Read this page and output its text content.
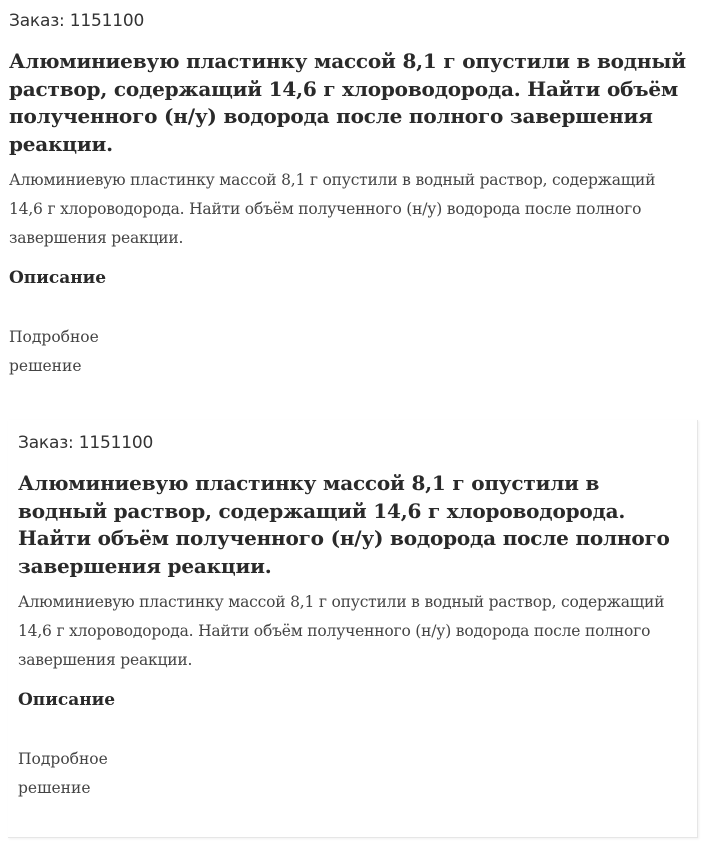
Заказ: 1151100
Алюминиевую пластинку массой 8,1 г опустили в водный раствор, содержащий 14,6 г хлороводорода. Найти объём полученного (н/у) водорода после полного завершения реакции.
Алюминиевую пластинку массой 8,1 г опустили в водный раствор, содержащий 14,6 г хлороводорода. Найти объём полученного (н/у) водорода после полного завершения реакции.
Описание
Подробное решение
Заказ: 1151100
Алюминиевую пластинку массой 8,1 г опустили в водный раствор, содержащий 14,6 г хлороводорода. Найти объём полученного (н/у) водорода после полного завершения реакции.
Алюминиевую пластинку массой 8,1 г опустили в водный раствор, содержащий 14,6 г хлороводорода. Найти объём полученного (н/у) водорода после полного завершения реакции.
Описание
Подробное решение
